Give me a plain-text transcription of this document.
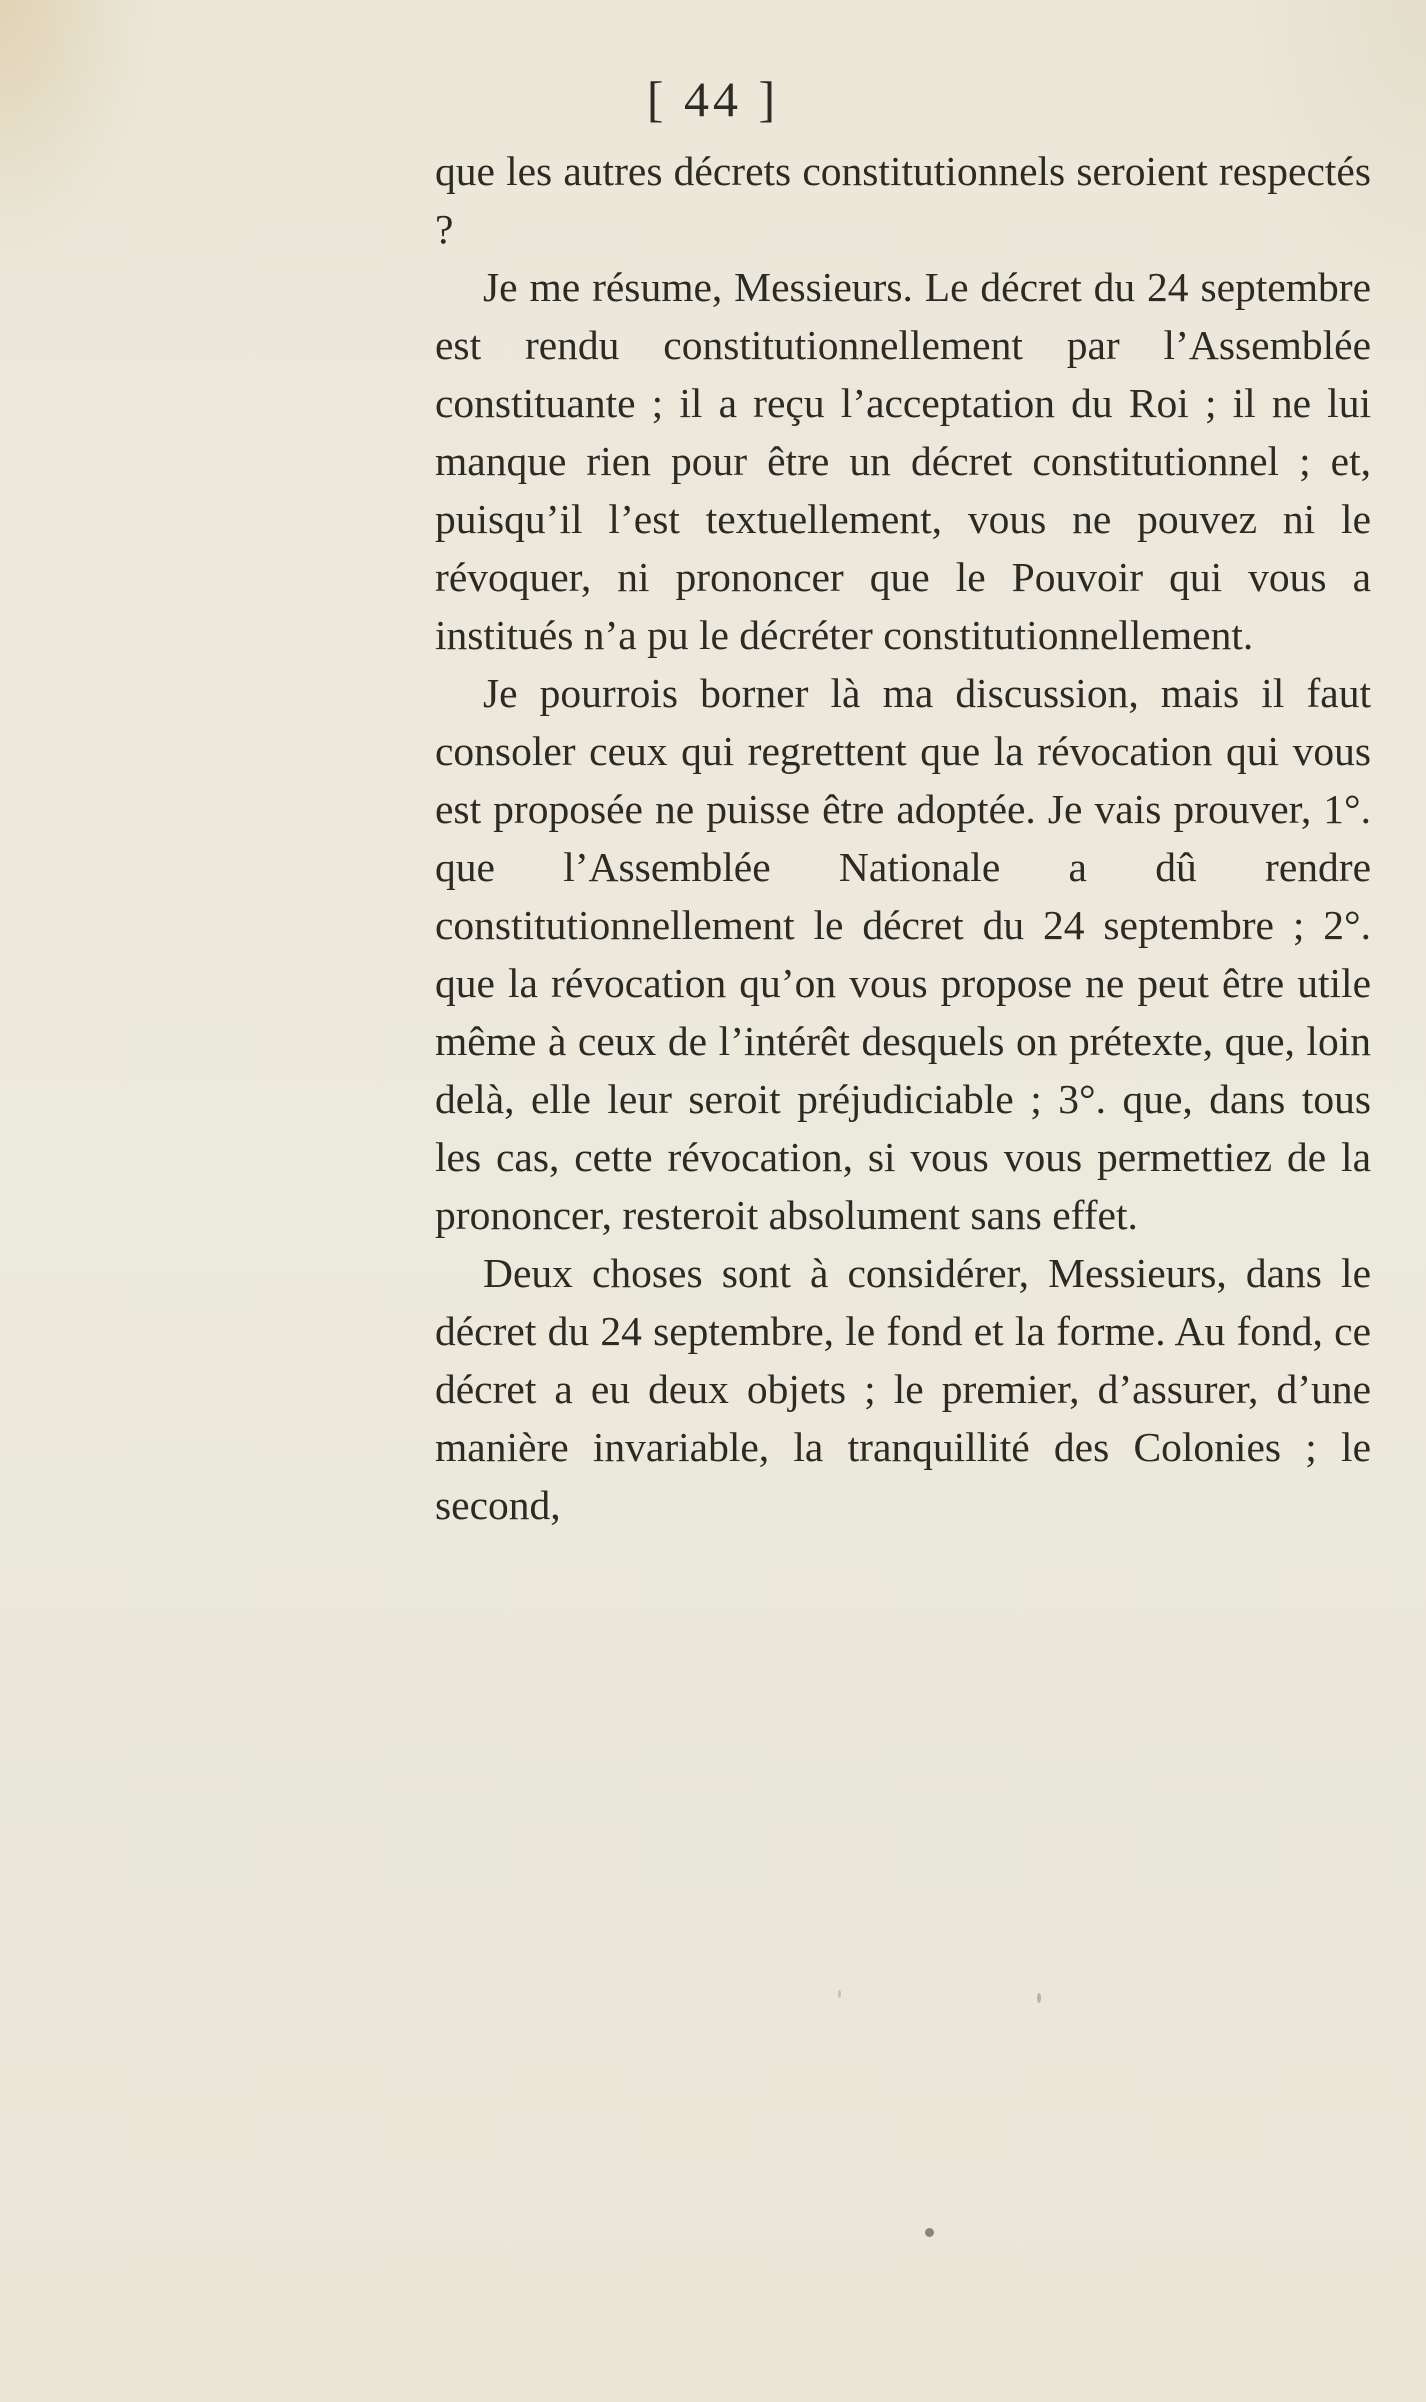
[ 44 ]

que les autres décrets constitutionnels seroient respectés ?

Je me résume, Messieurs. Le décret du 24 septembre est rendu constitutionnellement par l’Assemblée constituante ; il a reçu l’acceptation du Roi ; il ne lui manque rien pour être un décret constitutionnel ; et, puisqu’il l’est textuellement, vous ne pouvez ni le révoquer, ni prononcer que le Pouvoir qui vous a institués n’a pu le décréter constitutionnellement.

Je pourrois borner là ma discussion, mais il faut consoler ceux qui regrettent que la révocation qui vous est proposée ne puisse être adoptée. Je vais prouver, 1°. que l’Assemblée Nationale a dû rendre constitutionnellement le décret du 24 septembre ; 2°. que la révocation qu’on vous propose ne peut être utile même à ceux de l’intérêt desquels on prétexte, que, loin delà, elle leur seroit préjudiciable ; 3°. que, dans tous les cas, cette révocation, si vous vous permettiez de la prononcer, resteroit absolument sans effet.

Deux choses sont à considérer, Messieurs, dans le décret du 24 septembre, le fond et la forme. Au fond, ce décret a eu deux objets ; le premier, d’assurer, d’une manière invariable, la tranquillité des Colonies ; le second,
